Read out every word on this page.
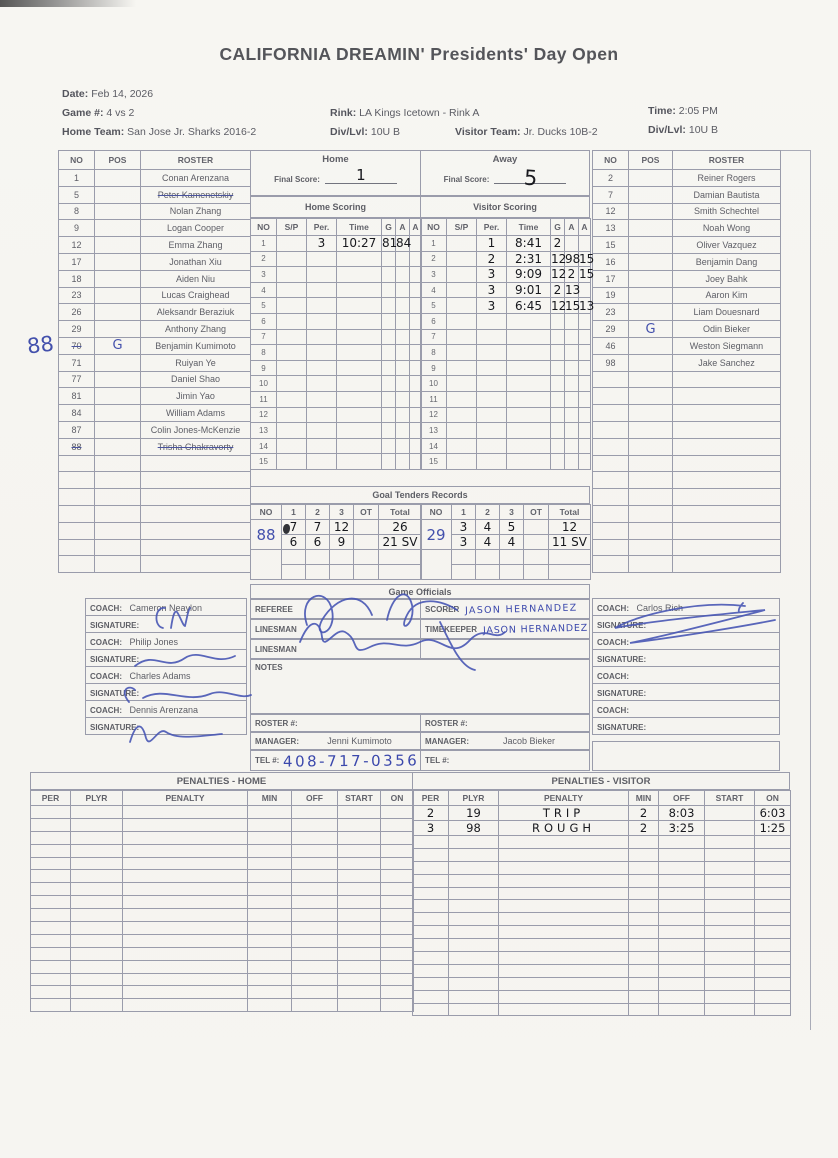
CALIFORNIA DREAMIN' Presidents' Day Open
Date: Feb 14, 2026
Game #: 4 vs 2	Rink: LA Kings Icetown - Rink A	Time: 2:05 PM
Home Team: San Jose Jr. Sharks 2016-2	Div/Lvl: 10U B	Visitor Team: Jr. Ducks 10B-2	Div/Lvl: 10U B
NO	POS	ROSTER
1		Conan Arenzana
5		Peter Kamenetskiy
8		Nolan Zhang
9		Logan Cooper
12		Emma Zhang
17		Jonathan Xiu
18		Aiden Niu
23		Lucas Craighead
26		Aleksandr Beraziuk
29		Anthony Zhang
70	G	Benjamin Kumimoto
71		Ruiyan Ye
77		Daniel Shao
81		Jimin Yao
84		William Adams
87		Colin Jones-McKenzie
88		Trisha Chakravorty

88
NO	POS	ROSTER
2		Reiner Rogers
7		Damian Bautista
12		Smith Schechtel
13		Noah Wong
15		Oliver Vazquez
16		Benjamin Dang
17		Joey Bahk
19		Aaron Kim
23		Liam Douesnard
29	G	Odin Bieker
46		Weston Siegmann
98		Jake Sanchez

Home
Final Score:	1
Away
Final Score:	5
Home Scoring	Visitor Scoring
NO	S/P	Per.	Time	G	A	A
1		3	10:27	81	84	
2						
3						
4						
5						
6						
7						
8						
9						
10						
11						
12						
13						
14						
15						
NO	S/P	Per.	Time	G	A	A
1		1	8:41	2		
2		2	2:31	12	98	15
3		3	9:09	12	2	15
4		3	9:01	2	13	
5		3	6:45	12	15	13
6						
7						
8						
9						
10						
11						
12						
13						
14						
15						
Goal Tenders Records
NO	1	2	3	OT	Total
88	7	7	12		26
	6	6	9		21 SV

NO	1	2	3	OT	Total
29	3	4	5		12
	3	4	4		11 SV

Game Officials
REFEREE
LINESMAN
LINESMAN
SCORER JASON HERNANDEZ
TIMEKEEPER JASON HERNANDEZ
NOTES
ROSTER #:	ROSTER #:
MANAGER:	Jenni Kumimoto	MANAGER:	Jacob Bieker
TEL #: 408-717-0356 TEL #:
COACH: Cameron Neaylon
SIGNATURE:
COACH: Philip Jones
SIGNATURE:
COACH: Charles Adams
SIGNATURE:
COACH: Dennis Arenzana
SIGNATURE:
COACH: Carlos Rich
SIGNATURE:
COACH:
SIGNATURE:
COACH:
SIGNATURE:
COACH:
SIGNATURE:
PENALTIES - HOME	PENALTIES - VISITOR
PER	PLYR	PENALTY	MIN	OFF	START	ON

						PER	PLYR	PENALTY	MIN	OFF	START	ON
2	19	TRIP	2	8:03		6:03
3	98	ROUGH	2	3:25		1:25
